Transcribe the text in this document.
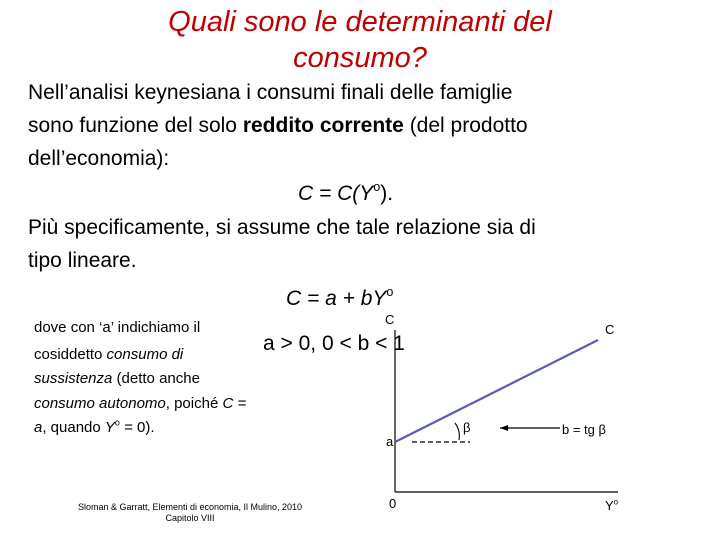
Quali sono le determinanti del
consumo?
Nell’analisi keynesiana i consumi finali delle famiglie
sono funzione del solo reddito corrente (del prodotto
dell’economia):
$C = C(Y^o)$.
Più specificamente, si assume che tale relazione sia di
tipo lineare.
$C = a + bY^o$
a > 0, 0 < b < 1
dove con ‘a’ indichiamo il
cosiddetto consumo di
sussistenza (detto anche
consumo autonomo, poiché C =
a, quando $Y^o = 0$).
Sloman & Garratt, Elementi di economia, Il Mulino, 2010
Capitolo VIII
C
C
a
0
β	b = tg β
$Y^o$
